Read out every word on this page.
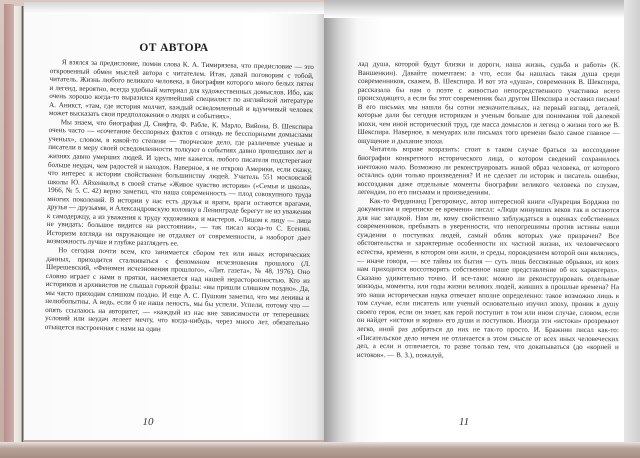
ОТ АВТОРА

Я взялся за предисловие, помня слова К. А. Тимирязева, что предисловие — это откровенный обмен мыслей автора с читателем. Итак, давай поговорим с тобой, читатель. Жизнь любого великого человека, в биографии которого много белых пятен и легенд, вероятно, всегда удобный материал для художественных домыслов. Ибо, как очень хорошо когда-то выразился крупнейший специалист по английской литературе А. Аникст, «там, где история молчит, каждый осведомленный и вдумчивый человек может высказать свои предположения о людях и событиях».

Мы знаем, что биография Д. Свифта, Ф. Рабле, К. Марло, Вийона, В. Шекспира очень часто — «сочетание бесспорных фактов с отнюдь не бесспорными домыслами ученых», словом, в какой-то степени — творческое дело, где различные ученые и писатели в меру своей осведомленности толкуют о событиях давно прошедших лет и жизнях давно умерших людей. И здесь, мне кажется, любого писателя подстерегают больше неудач, чем радостей и находок. Наверное, я не открою Америки, если скажу, что интерес к истории свойственен большинству людей. Учитель 551 московской школы Ю. Айхенвальд в своей статье «Живое чувство истории» («Семья и школа», 1966, № 5. С. 42) верно заметил, что наша современность — плод совокупного труда многих поколений. В истории у нас есть друзья и враги, враги остаются врагами, друзья — друзьями, и Александровскую колонну в Ленинграде берегут не из уважения к самодержцу, а из уважения к труду художников и мастеров. «Лицом к лицу — лица не увидать: большое видится на расстоянии», — так писал когда-то С. Есенин. Историзм взгляда на окружающее не отдаляет от современности, а наоборот дает возможность лучше и глубже разглядеть ее.

Но сегодня почти всем, кто занимается сбором тех или иных исторических данных, приходится сталкиваться с феноменом исчезновения прошлого (Л. Шерешевский, «Феномен исчезновения прошлого», «Лит. газета», № 48, 1976). Оно словно играет с нами в прятки, насмехается над нашей нерасторопностью. Кто из историков и архивистов не слышал горькой фразы: «вы пришли слишком поздно». Да, мы часто приходим слишком поздно. И еще А. С. Пушкин заметил, что мы ленивы и нелюбопытны. А ведь, если б не наша леность, мы бы успели. Успели, потому что — опять ссылаюсь на авторитет, — «каждый из нас вне зависимости от теперешних условий или неудач лелеет мечту, что когда-нибудь, через много лет, обязательно отыщется настроенная с нами на один

10

лад душа, которой будут близки и дороги, наша жизнь, судьба и работа» (К. Ваншенкин). Давайте помечтаем: а что, если бы нашлась такая душа среди современников, скажем, В. Шекспира. И вот эта «душа», современник В. Шекспира, рассказала бы нам о поэте с живостью непосредственного участника всего происходящего, а если бы этот современник был другом Шекспира и оставил письма! В его письмах мы нашли бы сотни незначительных, на первый взгляд, деталей, которые дали бы сегодня историкам и ученым больше для понимания той далекой эпохи, чем иной исторический труд, где масса домыслов и легенд о жизни того же В. Шекспира. Наверное, в мемуарах или письмах того времени было самое главное — ощущение и дыхание эпохи.

Читатель вправе возразить: стоит в таком случае браться за воссоздание биографии конкретного исторического лица, о котором сведений сохранилось ничтожно мало. Возможно ли реконструировать живой образ человека, от которого остались одни только произведения? И не сделает ли историк и писатель ошибки, воссоздавая даже отдельные моменты биографии великого человека по слухам, легендам, по его письмам и произведениям.

Как-то Фердинанд Грегоровиус, автор интересной книги «Лукреция Борджиа по документам и переписке ее времени» писал: «Люди минувших веков так и остаются для нас загадкой. Нам ли, кому свойственно заблуждаться в оценках собственных современников, пребывать в уверенности, что непогрешимы против истины наши суждения о поступках людей, самый облик которых уже призрачен? Все обстоятельства и характерные особенности их частной жизни, их человеческого естества, времени, в котором они жили, и среды, порождением которой они являлись, — иначе говоря, — все тайны их бытия — суть лишь бессвязные обрывки, из коих нам приходится воссотворять собственное наше представление об их характерах». Сказано удивительно точно. И все-таки: можно ли реконструировать отдельные эпизоды, моменты, или годы жизни великих людей, живших в прошлые времена? На это наша историческая наука отвечает вполне определенно: такое возможно лишь в том случае, если писатель или ученый основательно изучил эпоху, проник в душу своего героя, если он знает, как герой поступит в том или ином случае, словом, если он найдет «истоки и корни» его души и поступков. Иногда эти «истоки» прозревают легко, иной раз добраться до них не так-то просто. И. Бражнин писал как-то: «Писательское дело ничем не отличается в этом смысле от всех иных человеческих дел, а если и отличается, то разве только тем, что докапываться (до «корней и истоков». — В. З.), пожалуй,

11
